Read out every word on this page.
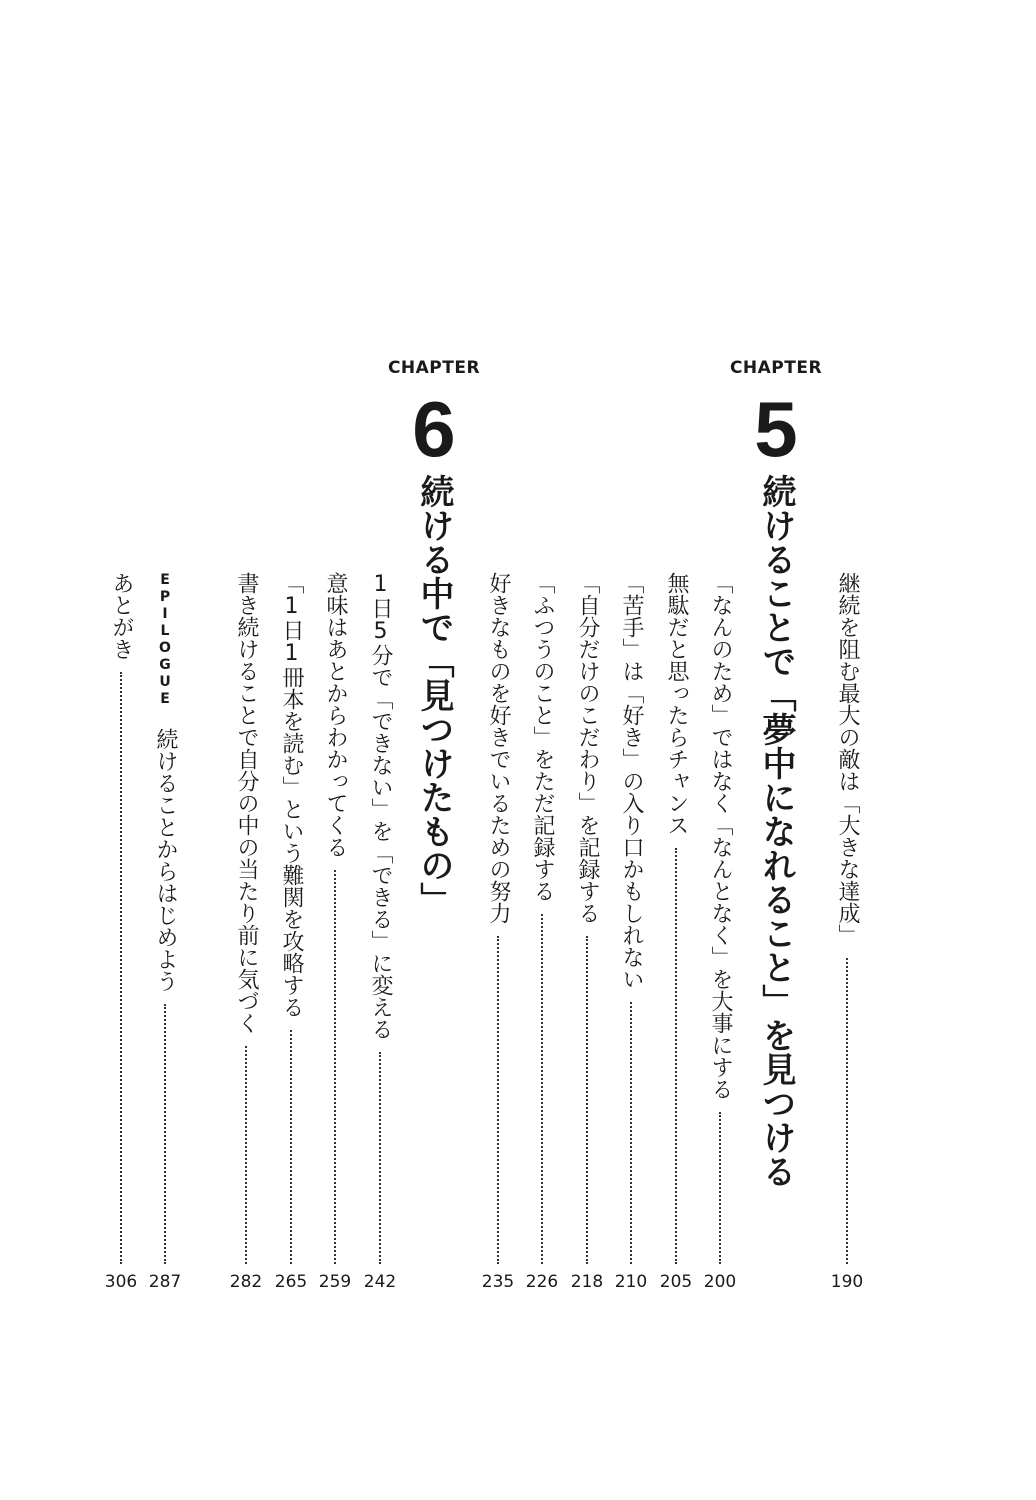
CHAPTER
5
続けることで「夢中になれること」を見つける
CHAPTER
6
続ける中で「見つけたもの」	継続を阻む最大の敵は「大きな達成」
190
「なんのため」ではなく「なんとなく」を大事にする
200
無駄だと思ったらチャンス
205
「苦手」は「好き」の入り口かもしれない
210
「自分だけのこだわり」を記録する
218
「ふつうのこと」をただ記録する
226
好きなものを好きでいるための努力
235
1日5分で「できない」を「できる」に変える
242
意味はあとからわかってくる
259
「1日1冊本を読む」という難関を攻略する
265
書き続けることで自分の中の当たり前に気づく
282
EPILOGUE
続けることからはじめよう
287
あとがき
306
